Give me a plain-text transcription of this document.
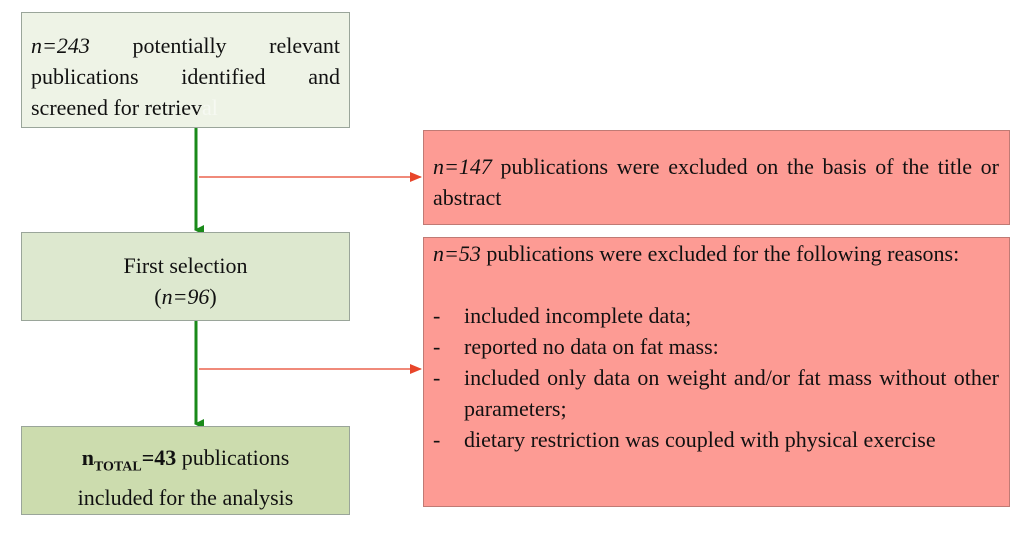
n=243 potentially relevant
publications identified and
screened for retrieval
First selection
(n=96)
$n_{TOTAL}=43$ publications
included for the analysis
n=147 publications were excluded on the basis of the title or abstract
n=53 publications were excluded for the following reasons:
- included incomplete data;
- reported no data on fat mass:
- included only data on weight and/or fat mass without other parameters;
- dietary restriction was coupled with physical exercise
